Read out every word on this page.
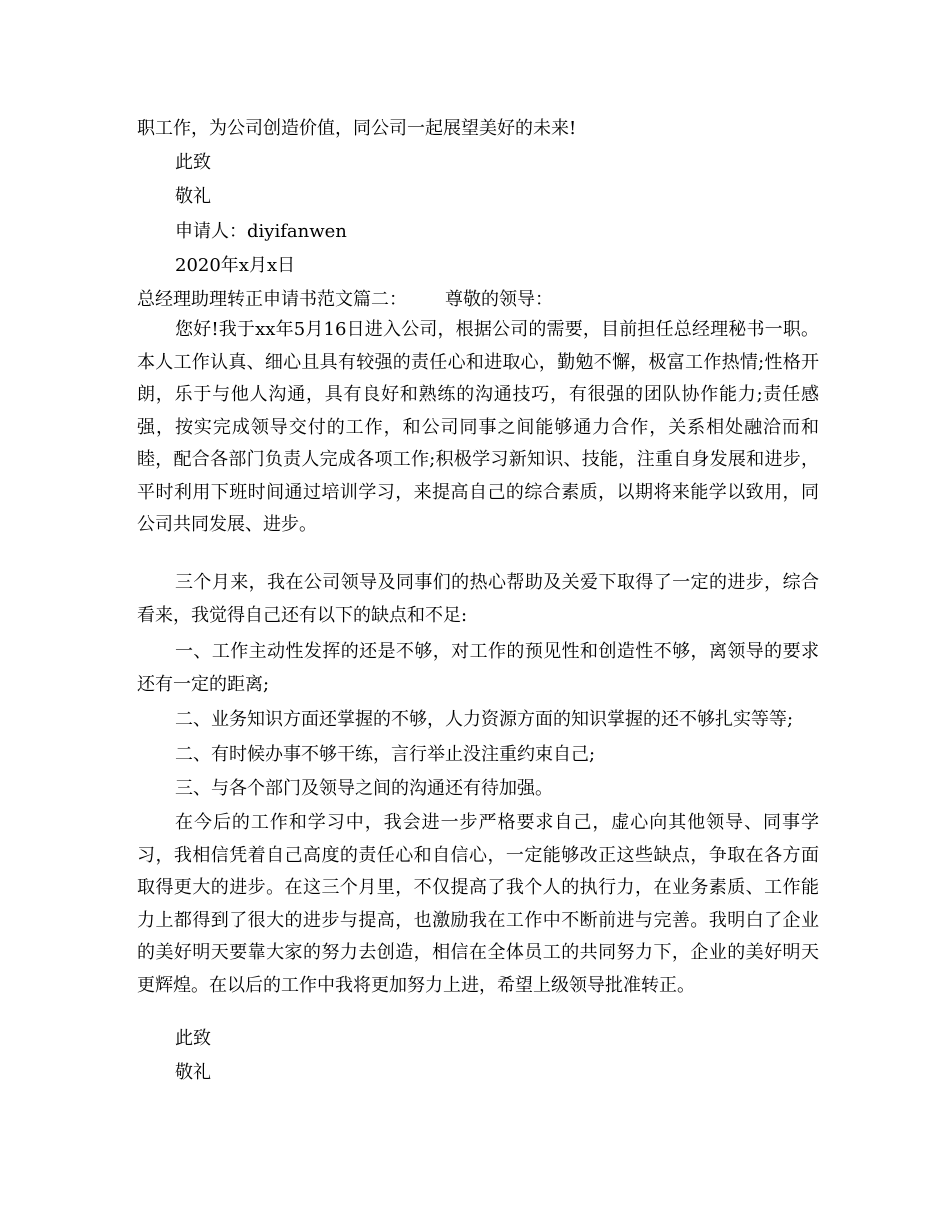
职工作，为公司创造价值，同公司一起展望美好的未来!
此致
敬礼
申请人：diyifanwen
2020年x月x日
总经理助理转正申请书范文篇二： 尊敬的领导：
您好!我于xx年5月16日进入公司，根据公司的需要，目前担任总经理秘书一职。本人工作认真、细心且具有较强的责任心和进取心，勤勉不懈，极富工作热情;性格开朗，乐于与他人沟通，具有良好和熟练的沟通技巧，有很强的团队协作能力;责任感强，按实完成领导交付的工作，和公司同事之间能够通力合作，关系相处融洽而和睦，配合各部门负责人完成各项工作;积极学习新知识、技能，注重自身发展和进步，平时利用下班时间通过培训学习，来提高自己的综合素质，以期将来能学以致用，同公司共同发展、进步。
三个月来，我在公司领导及同事们的热心帮助及关爱下取得了一定的进步，综合看来，我觉得自己还有以下的缺点和不足:
一、工作主动性发挥的还是不够，对工作的预见性和创造性不够，离领导的要求还有一定的距离;
二、业务知识方面还掌握的不够，人力资源方面的知识掌握的还不够扎实等等;
二、有时候办事不够干练，言行举止没注重约束自己;
三、与各个部门及领导之间的沟通还有待加强。
在今后的工作和学习中，我会进一步严格要求自己，虚心向其他领导、同事学习，我相信凭着自己高度的责任心和自信心，一定能够改正这些缺点，争取在各方面取得更大的进步。在这三个月里，不仅提高了我个人的执行力，在业务素质、工作能力上都得到了很大的进步与提高，也激励我在工作中不断前进与完善。我明白了企业的美好明天要靠大家的努力去创造，相信在全体员工的共同努力下，企业的美好明天更辉煌。在以后的工作中我将更加努力上进，希望上级领导批准转正。
此致
敬礼
